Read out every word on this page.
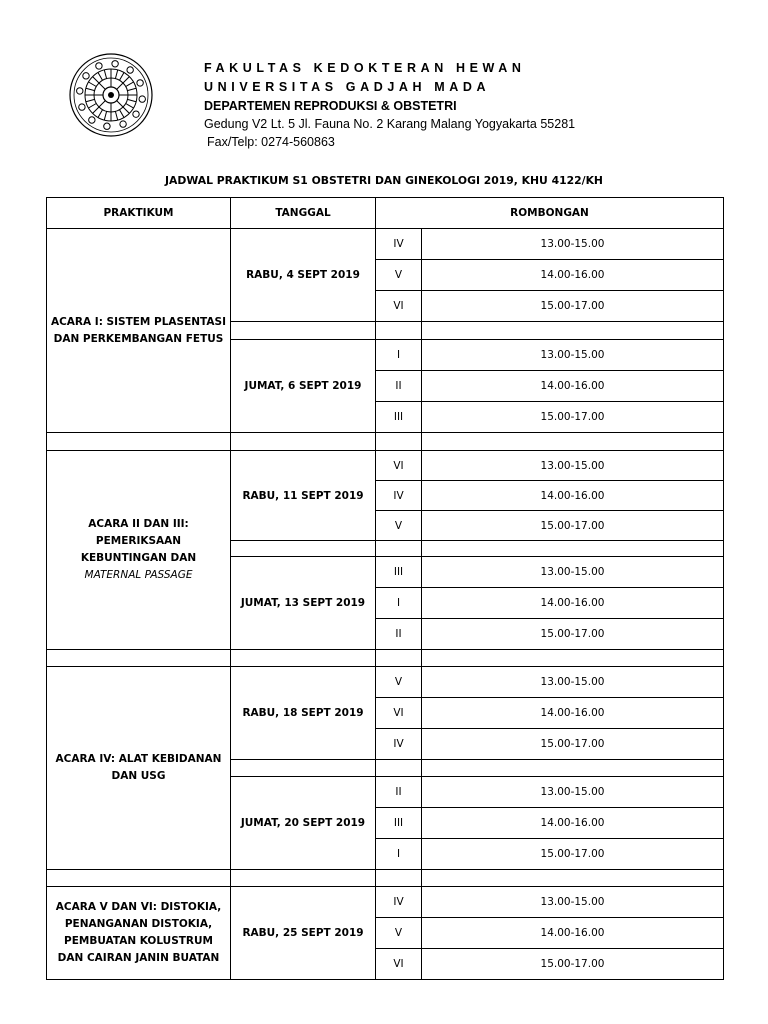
FAKULTAS KEDOKTERAN HEWAN
UNIVERSITAS GADJAH MADA
DEPARTEMEN REPRODUKSI & OBSTETRI
Gedung V2 Lt. 5 Jl. Fauna No. 2 Karang Malang Yogyakarta 55281
Fax/Telp: 0274-560863
JADWAL PRAKTIKUM S1 OBSTETRI DAN GINEKOLOGI 2019, KHU 4122/KH
PRAKTIKUM	TANGGAL	ROMBONGAN	

ACARA I: SISTEM PLASENTASI
DAN PERKEMBANGAN FETUS	RABU, 4 SEPT 2019	IV	13.00-15.00
		V	14.00-16.00
		VI	15.00-17.00

	JUMAT, 6 SEPT 2019	I	13.00-15.00
		II	14.00-16.00
		III	15.00-17.00

ACARA II DAN III:
PEMERIKSAAN
KEBUNTINGAN DAN
MATERNAL PASSAGE	RABU, 11 SEPT 2019	VI	13.00-15.00
		IV	14.00-16.00
		V	15.00-17.00

	JUMAT, 13 SEPT 2019	III	13.00-15.00
		I	14.00-16.00
		II	15.00-17.00

ACARA IV: ALAT KEBIDANAN
DAN USG	RABU, 18 SEPT 2019	V	13.00-15.00
		VI	14.00-16.00
		IV	15.00-17.00

	JUMAT, 20 SEPT 2019	II	13.00-15.00
		III	14.00-16.00
		I	15.00-17.00

ACARA V DAN VI: DISTOKIA,
PENANGANAN DISTOKIA,
PEMBUATAN KOLUSTRUM
DAN CAIRAN JANIN BUATAN	RABU, 25 SEPT 2019	IV	13.00-15.00
		V	14.00-16.00
		VI	15.00-17.00
